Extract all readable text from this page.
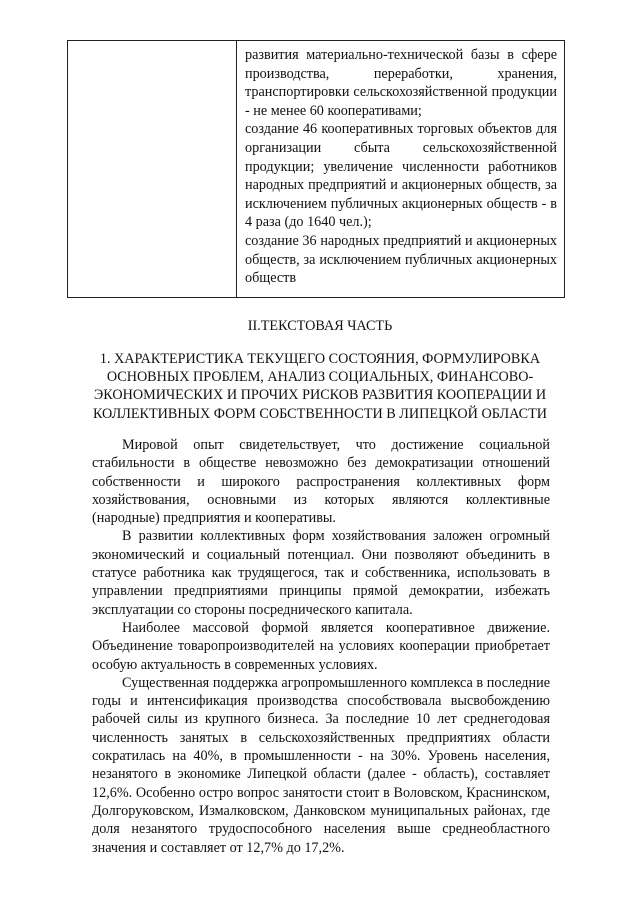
развития материально-технической базы в сфере производства, переработки, хранения, транспортировки сельскохозяйственной продукции - не менее 60 кооперативами;

создание 46 кооперативных торговых объектов для организации сбыта сельскохозяйственной продукции; увеличение численности работников народных предприятий и акционерных обществ, за исключением публичных акционерных обществ - в 4 раза (до 1640 чел.);

создание 36 народных предприятий и акционерных обществ, за исключением публичных акционерных обществ

II.ТЕКСТОВАЯ ЧАСТЬ
1. ХАРАКТЕРИСТИКА ТЕКУЩЕГО СОСТОЯНИЯ, ФОРМУЛИРОВКА ОСНОВНЫХ ПРОБЛЕМ, АНАЛИЗ СОЦИАЛЬНЫХ, ФИНАНСОВО-ЭКОНОМИЧЕСКИХ И ПРОЧИХ РИСКОВ РАЗВИТИЯ КООПЕРАЦИИ И КОЛЛЕКТИВНЫХ ФОРМ СОБСТВЕННОСТИ В ЛИПЕЦКОЙ ОБЛАСТИ

Мировой опыт свидетельствует, что достижение социальной стабильности в обществе невозможно без демократизации отношений собственности и широкого распространения коллективных форм хозяйствования, основными из которых являются коллективные (народные) предприятия и кооперативы.

В развитии коллективных форм хозяйствования заложен огромный экономический и социальный потенциал. Они позволяют объединить в статусе работника как трудящегося, так и собственника, использовать в управлении предприятиями принципы прямой демократии, избежать эксплуатации со стороны посреднического капитала.

Наиболее массовой формой является кооперативное движение. Объединение товаропроизводителей на условиях кооперации приобретает особую актуальность в современных условиях.

Существенная поддержка агропромышленного комплекса в последние годы и интенсификация производства способствовала высвобождению рабочей силы из крупного бизнеса. За последние 10 лет среднегодовая численность занятых в сельскохозяйственных предприятиях области сократилась на 40%, в промышленности - на 30%. Уровень населения, незанятого в экономике Липецкой области (далее - область), составляет 12,6%. Особенно остро вопрос занятости стоит в Воловском, Краснинском, Долгоруковском, Измалковском, Данковском муниципальных районах, где доля незанятого трудоспособного населения выше среднеобластного значения и составляет от 12,7% до 17,2%.
